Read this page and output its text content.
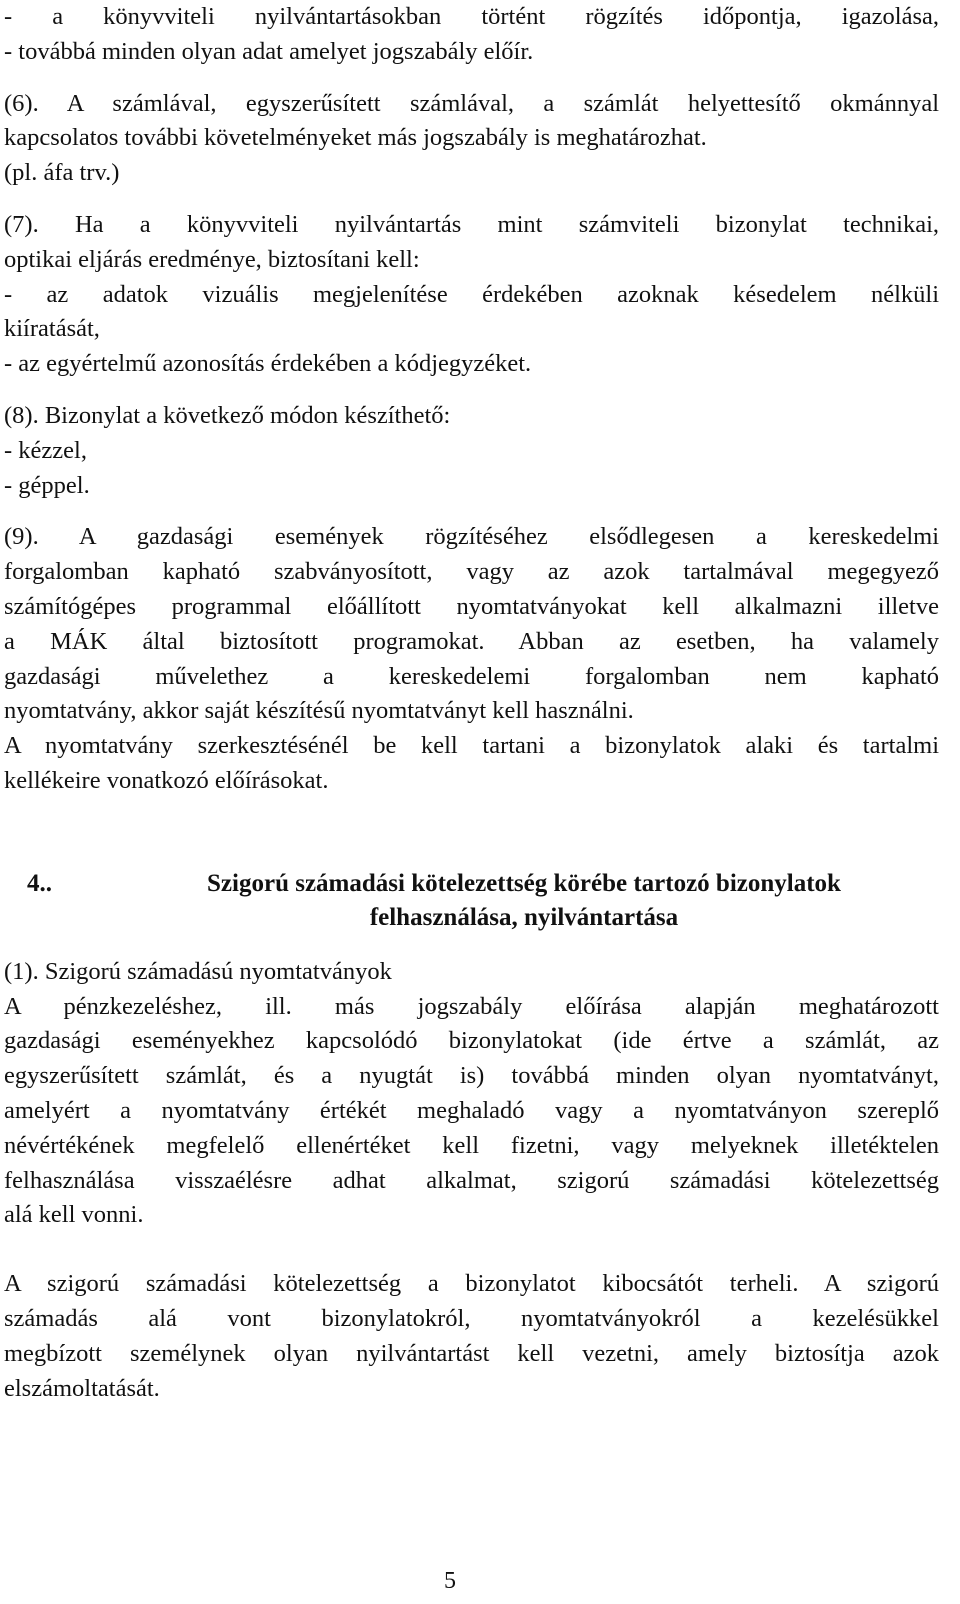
- a könyvviteli nyilvántartásokban történt rögzítés időpontja, igazolása,
- továbbá minden olyan adat amelyet jogszabály előír.
(6). A számlával, egyszerűsített számlával, a számlát helyettesítő okmánnyal
kapcsolatos további követelményeket más jogszabály is meghatározhat.
(pl. áfa trv.)
(7). Ha a könyvviteli nyilvántartás mint számviteli bizonylat technikai,
optikai eljárás eredménye, biztosítani kell:
- az adatok vizuális megjelenítése érdekében azoknak késedelem nélküli
kiíratását,
- az egyértelmű azonosítás érdekében a kódjegyzéket.
(8). Bizonylat a következő módon készíthető:
- kézzel,
- géppel.
(9). A gazdasági események rögzítéséhez elsődlegesen a kereskedelmi
forgalomban kapható szabványosított, vagy az azok tartalmával megegyező
számítógépes programmal előállított nyomtatványokat kell alkalmazni illetve
a MÁK által biztosított programokat. Abban az esetben, ha valamely
gazdasági művelethez a kereskedelemi forgalomban nem kapható
nyomtatvány, akkor saját készítésű nyomtatványt kell használni.
A nyomtatvány szerkesztésénél be kell tartani a bizonylatok alaki és tartalmi
kellékeire vonatkozó előírásokat.
4..	Szigorú számadási kötelezettség körébe tartozó bizonylatok
felhasználása, nyilvántartása
(1). Szigorú számadású nyomtatványok
A pénzkezeléshez, ill. más jogszabály előírása alapján meghatározott
gazdasági eseményekhez kapcsolódó bizonylatokat (ide értve a számlát, az
egyszerűsített számlát, és a nyugtát is) továbbá minden olyan nyomtatványt,
amelyért a nyomtatvány értékét meghaladó vagy a nyomtatványon szereplő
névértékének megfelelő ellenértéket kell fizetni, vagy melyeknek illetéktelen
felhasználása visszaélésre adhat alkalmat, szigorú számadási kötelezettség
alá kell vonni.
A szigorú számadási kötelezettség a bizonylatot kibocsátót terheli. A szigorú
számadás alá vont bizonylatokról, nyomtatványokról a kezelésükkel
megbízott személynek olyan nyilvántartást kell vezetni, amely biztosítja azok
elszámoltatását.
5
